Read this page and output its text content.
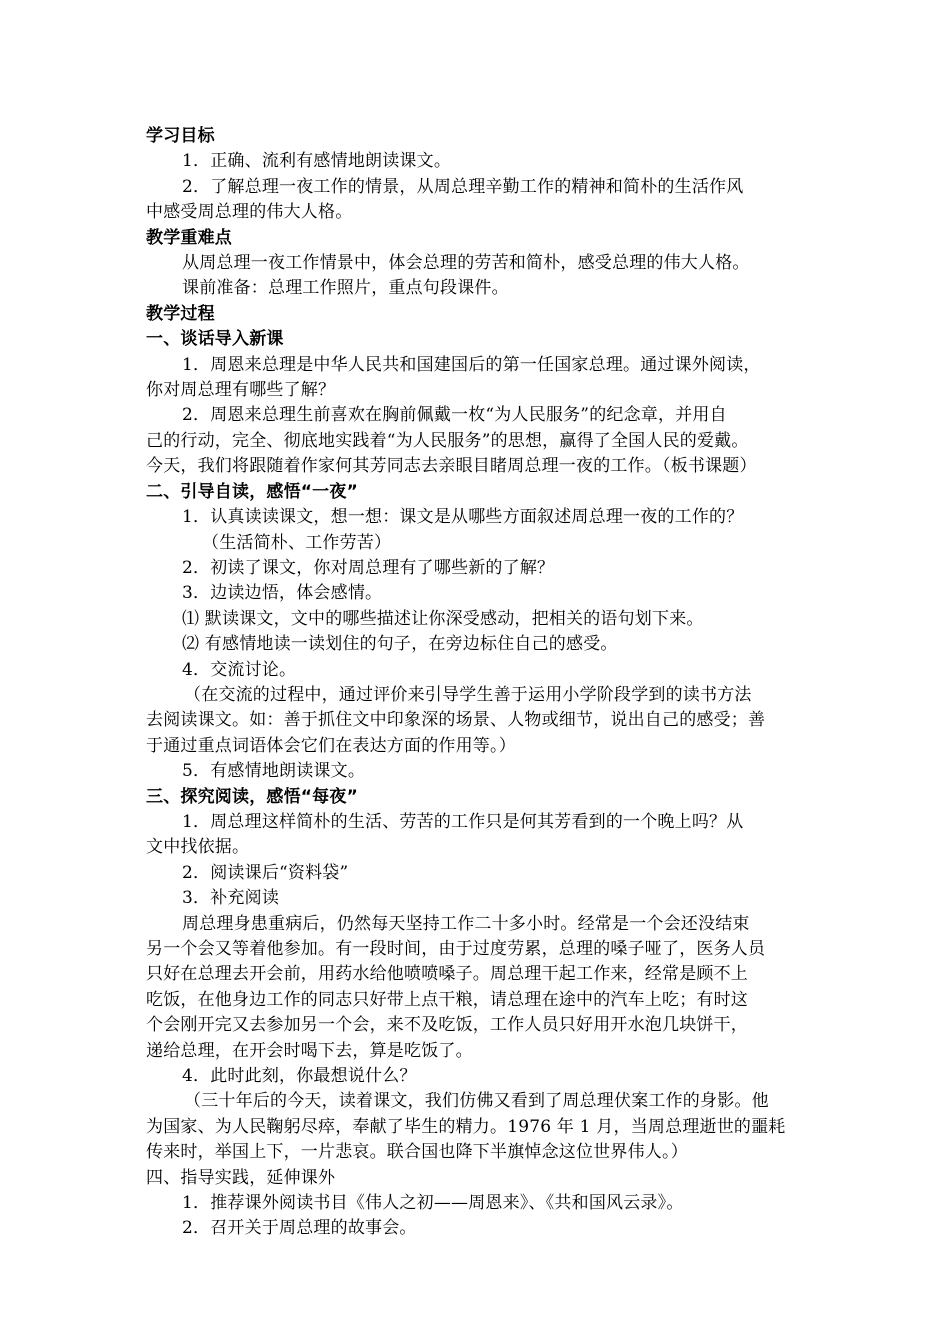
学习目标
1．正确、流利有感情地朗读课文。
2．了解总理一夜工作的情景，从周总理辛勤工作的精神和简朴的生活作风
中感受周总理的伟大人格。
教学重难点
从周总理一夜工作情景中，体会总理的劳苦和简朴，感受总理的伟大人格。
课前准备：总理工作照片，重点句段课件。
教学过程
一、谈话导入新课
1．周恩来总理是中华人民共和国建国后的第一任国家总理。通过课外阅读，
你对周总理有哪些了解？
2．周恩来总理生前喜欢在胸前佩戴一枚“为人民服务”的纪念章，并用自
己的行动，完全、彻底地实践着“为人民服务”的思想，赢得了全国人民的爱戴。
今天，我们将跟随着作家何其芳同志去亲眼目睹周总理一夜的工作。（板书课题）
二、引导自读，感悟“一夜”
1．认真读读课文，想一想：课文是从哪些方面叙述周总理一夜的工作的？
（生活简朴、工作劳苦）
2．初读了课文，你对周总理有了哪些新的了解？
3．边读边悟，体会感情。
⑴ 默读课文，文中的哪些描述让你深受感动，把相关的语句划下来。
⑵ 有感情地读一读划住的句子，在旁边标住自己的感受。
4．交流讨论。
（在交流的过程中，通过评价来引导学生善于运用小学阶段学到的读书方法
去阅读课文。如：善于抓住文中印象深的场景、人物或细节，说出自己的感受；善
于通过重点词语体会它们在表达方面的作用等。）
5．有感情地朗读课文。
三、探究阅读，感悟“每夜”
1．周总理这样简朴的生活、劳苦的工作只是何其芳看到的一个晚上吗？从
文中找依据。
2．阅读课后“资料袋”
3．补充阅读
周总理身患重病后，仍然每天坚持工作二十多小时。经常是一个会还没结束
另一个会又等着他参加。有一段时间，由于过度劳累，总理的嗓子哑了，医务人员
只好在总理去开会前，用药水给他喷喷嗓子。周总理干起工作来，经常是顾不上
吃饭，在他身边工作的同志只好带上点干粮，请总理在途中的汽车上吃；有时这
个会刚开完又去参加另一个会，来不及吃饭，工作人员只好用开水泡几块饼干，
递给总理，在开会时喝下去，算是吃饭了。
4．此时此刻，你最想说什么？
（三十年后的今天，读着课文，我们仿佛又看到了周总理伏案工作的身影。他
为国家、为人民鞠躬尽瘁，奉献了毕生的精力。1976 年 1 月，当周总理逝世的噩耗
传来时，举国上下，一片悲哀。联合国也降下半旗悼念这位世界伟人。）
四、指导实践，延伸课外
1．推荐课外阅读书目《伟人之初——周恩来》、《共和国风云录》。
2．召开关于周总理的故事会。
